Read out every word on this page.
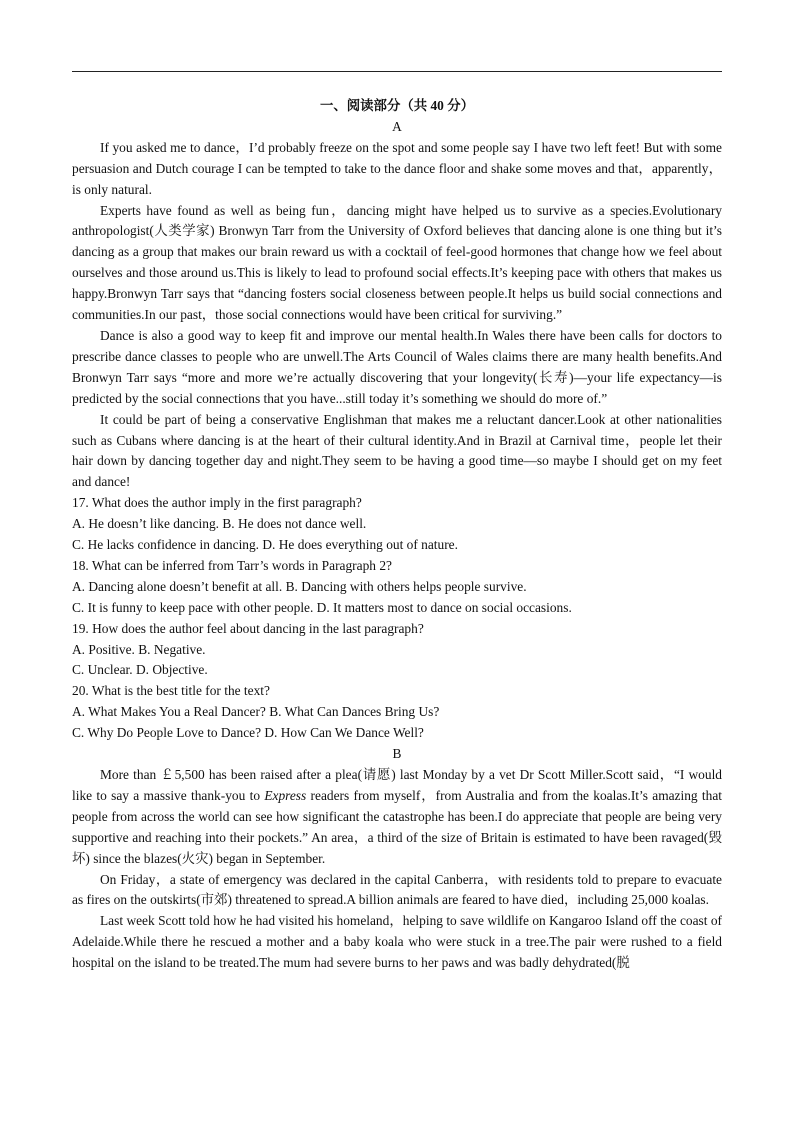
一、阅读部分（共 40 分）
A

If you asked me to dance，I’d probably freeze on the spot and some people say I have two left feet! But with some persuasion and Dutch courage I can be tempted to take to the dance floor and shake some moves and that，apparently，is only natural.

Experts have found as well as being fun，dancing might have helped us to survive as a species.Evolutionary anthropologist(人类学家) Bronwyn Tarr from the University of Oxford believes that dancing alone is one thing but it’s dancing as a group that makes our brain reward us with a cocktail of feel-good hormones that change how we feel about ourselves and those around us.This is likely to lead to profound social effects.It’s keeping pace with others that makes us happy.Bronwyn Tarr says that “dancing fosters social closeness between people.It helps us build social connections and communities.In our past，those social connections would have been critical for surviving.”

Dance is also a good way to keep fit and improve our mental health.In Wales there have been calls for doctors to prescribe dance classes to people who are unwell.The Arts Council of Wales claims there are many health benefits.And Bronwyn Tarr says “more and more we’re actually discovering that your longevity(长寿)—your life expectancy—is predicted by the social connections that you have...still today it’s something we should do more of.”

It could be part of being a conservative Englishman that makes me a reluctant dancer.Look at other nationalities such as Cubans where dancing is at the heart of their cultural identity.And in Brazil at Carnival time，people let their hair down by dancing together day and night.They seem to be having a good time—so maybe I should get on my feet and dance!

17. What does the author imply in the first paragraph?

A. He doesn’t like dancing. B. He does not dance well.

C. He lacks confidence in dancing. D. He does everything out of nature.

18. What can be inferred from Tarr’s words in Paragraph 2?

A. Dancing alone doesn’t benefit at all. B. Dancing with others helps people survive.

C. It is funny to keep pace with other people. D. It matters most to dance on social occasions.

19. How does the author feel about dancing in the last paragraph?

A. Positive. B. Negative.

C. Unclear. D. Objective.

20. What is the best title for the text?

A. What Makes You a Real Dancer? B. What Can Dances Bring Us?

C. Why Do People Love to Dance? D. How Can We Dance Well?

B

More than ￡5,500 has been raised after a plea(请愿) last Monday by a vet Dr Scott Miller.Scott said，“I would like to say a massive thank-you to Express readers from myself，from Australia and from the koalas.It’s amazing that people from across the world can see how significant the catastrophe has been.I do appreciate that people are being very supportive and reaching into their pockets.” An area，a third of the size of Britain is estimated to have been ravaged(毁坏) since the blazes(火灾) began in September.

On Friday，a state of emergency was declared in the capital Canberra，with residents told to prepare to evacuate as fires on the outskirts(市郊) threatened to spread.A billion animals are feared to have died，including 25,000 koalas.

Last week Scott told how he had visited his homeland，helping to save wildlife on Kangaroo Island off the coast of Adelaide.While there he rescued a mother and a baby koala who were stuck in a tree.The pair were rushed to a field hospital on the island to be treated.The mum had severe burns to her paws and was badly dehydrated(脱
